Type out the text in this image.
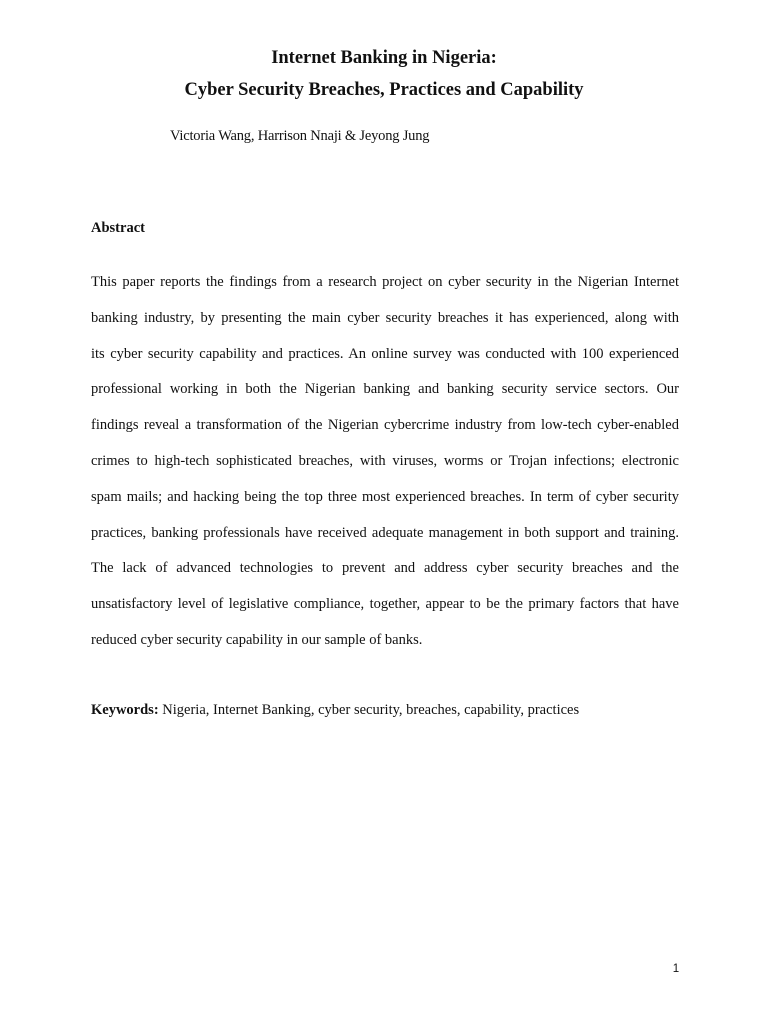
Internet Banking in Nigeria:
Cyber Security Breaches, Practices and Capability

Victoria Wang, Harrison Nnaji & Jeyong Jung

Abstract
This paper reports the findings from a research project on cyber security in the Nigerian Internet
banking industry, by presenting the main cyber security breaches it has experienced, along with
its cyber security capability and practices. An online survey was conducted with 100 experienced
professional working in both the Nigerian banking and banking security service sectors. Our
findings reveal a transformation of the Nigerian cybercrime industry from low-tech cyber-enabled
crimes to high-tech sophisticated breaches, with viruses, worms or Trojan infections; electronic
spam mails; and hacking being the top three most experienced breaches. In term of cyber security
practices, banking professionals have received adequate management in both support and training.
The lack of advanced technologies to prevent and address cyber security breaches and the
unsatisfactory level of legislative compliance, together, appear to be the primary factors that have
reduced cyber security capability in our sample of banks.

Keywords: Nigeria, Internet Banking, cyber security, breaches, capability, practices

1
